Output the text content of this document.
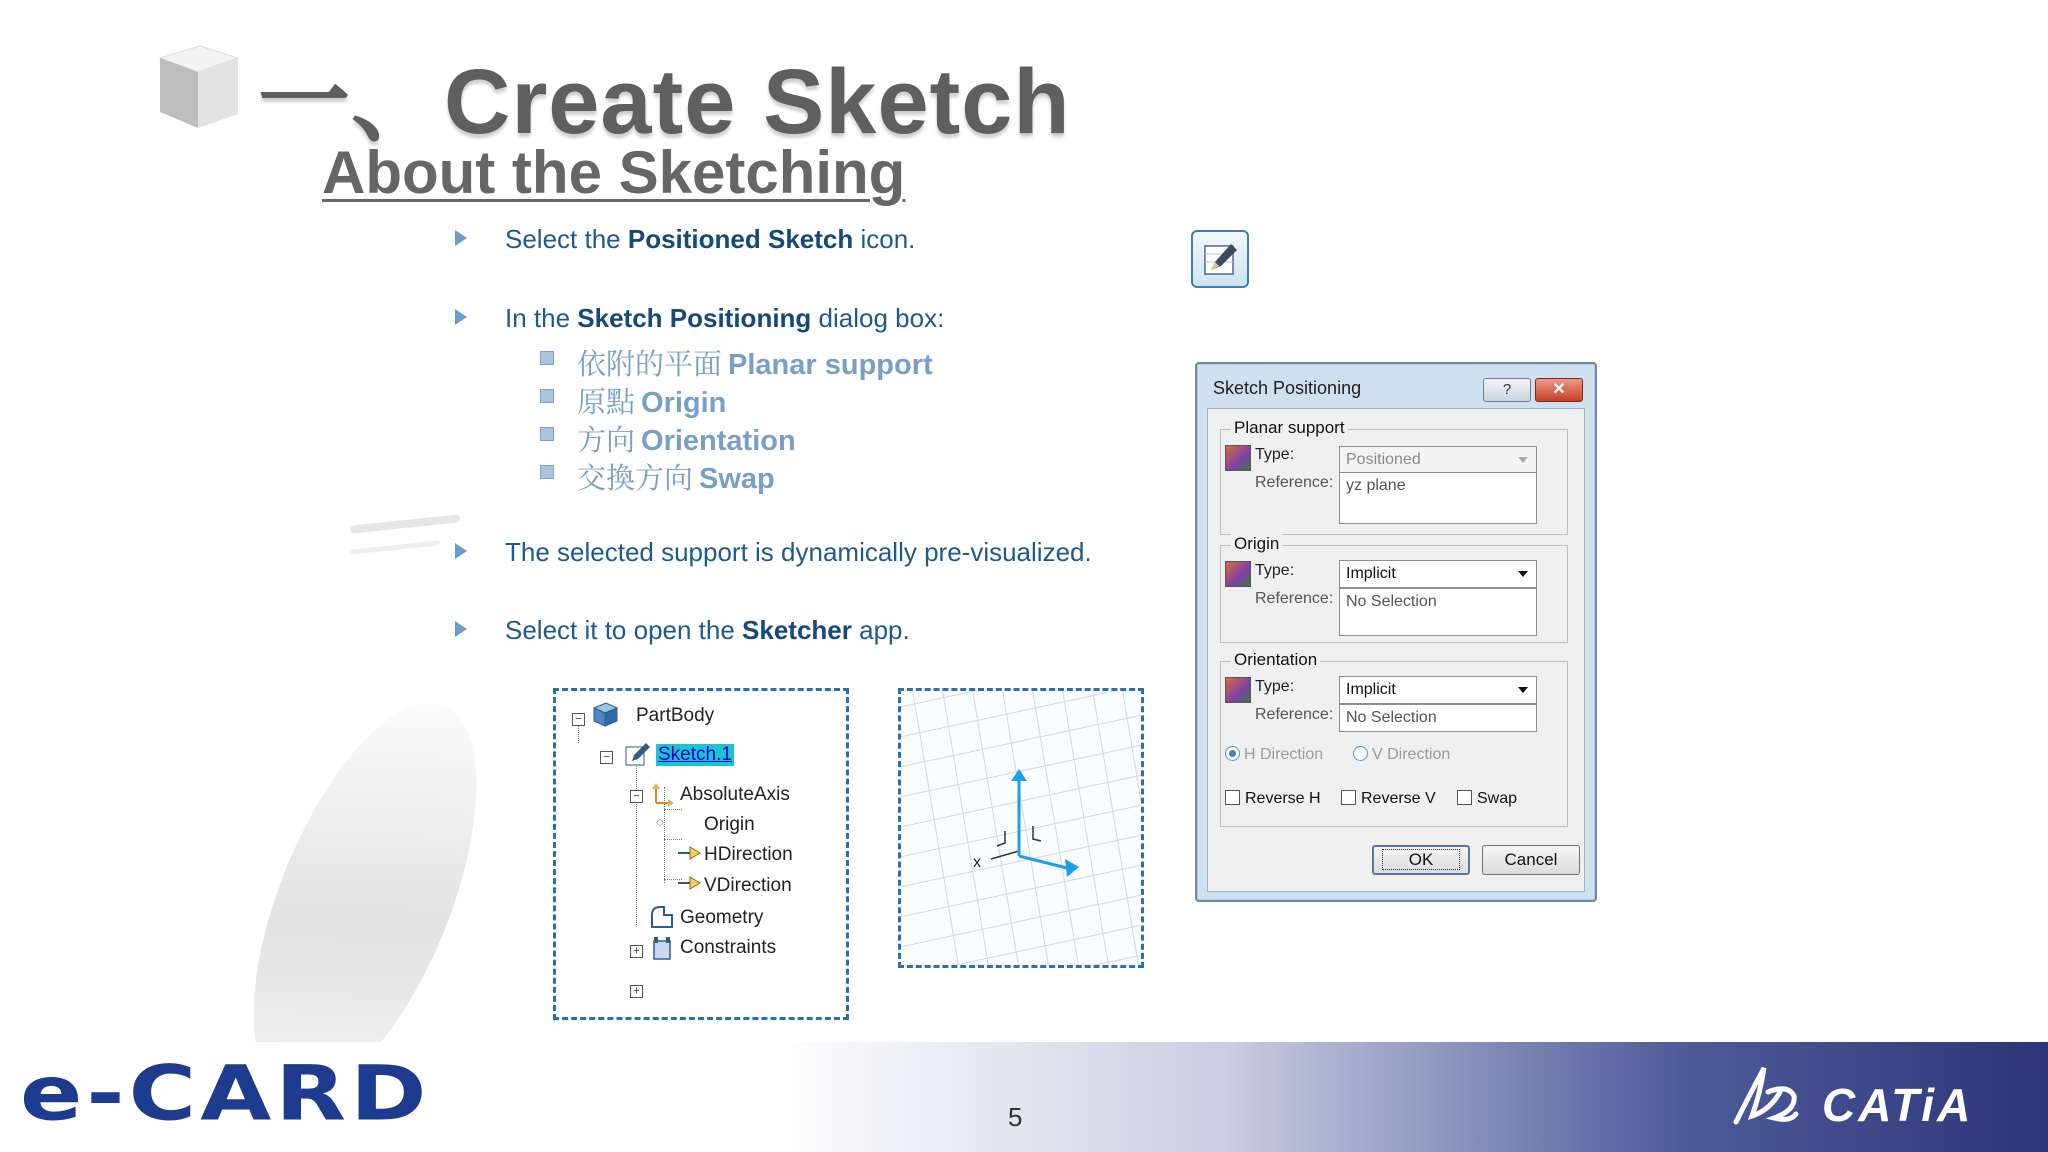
一、Create Sketch
About the Sketching
Select the Positioned Sketch icon.
In the Sketch Positioning dialog box:
依附的平面 Planar support
原點 Origin
方向 Orientation
交換方向 Swap
The selected support is dynamically pre-visualized.
Select it to open the Sketcher app.
−
−
−
+
+
PartBody
Sketch.1
AbsoluteAxis
◇ Origin
HDirection
VDirection
Geometry
Constraints
x
Sketch Positioning	?	✕
Planar support
Type:	Positioned
Reference: yz plane
Origin
Type:	Implicit
Reference: No Selection
Orientation
Type:	Implicit
Reference: No Selection
H Direction	V Direction
Reverse H	Reverse V	Swap
OK	Cancel
e-CARD	5	CATiA
